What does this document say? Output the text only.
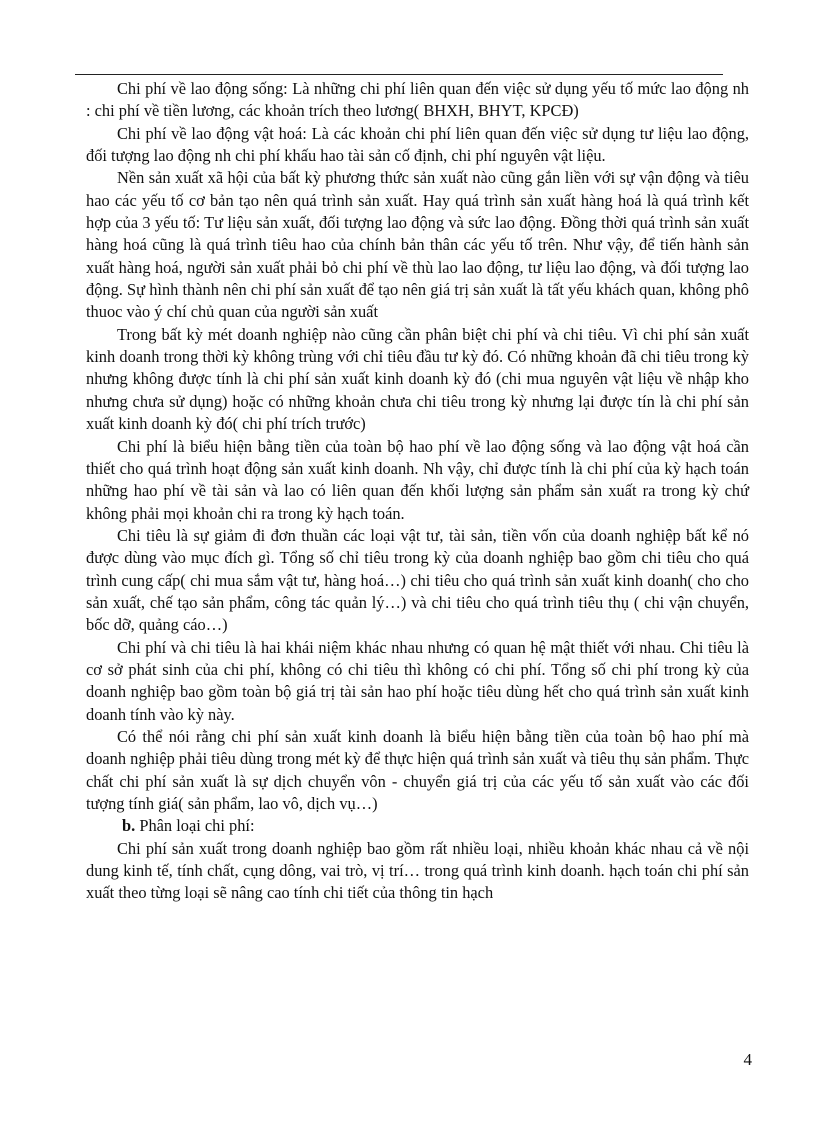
Chi phí về lao động sống: Là những chi phí liên quan đến việc sử dụng yếu tố mức lao động nh : chi phí về tiền lương, các khoản trích theo lương( BHXH, BHYT, KPCĐ)

Chi phí về lao động vật hoá: Là các khoản chi phí liên quan đến việc sử dụng tư liệu lao động, đối tượng lao động nh chi phí khấu hao tài sản cố định, chi phí nguyên vật liệu.

Nền sản xuất xã hội của bất kỳ phương thức sản xuất nào cũng gắn liền với sự vận động và tiêu hao các yếu tố cơ bản tạo nên quá trình sản xuất. Hay quá trình sản xuất hàng hoá là quá trình kết hợp của 3 yếu tố: Tư liệu sản xuất, đối tượng lao động và sức lao động. Đồng thời quá trình sản xuất hàng hoá cũng là quá trình tiêu hao của chính bản thân các yếu tố trên. Như vậy, để tiến hành sản xuất hàng hoá, người sản xuất phải bỏ chi phí về thù lao lao động, tư liệu lao động, và đối tượng lao động. Sự hình thành nên chi phí sản xuất để tạo nên giá trị sản xuất là tất yếu khách quan, không phô thuoc vào ý chí chủ quan của người sản xuất

Trong bất kỳ mét doanh nghiệp nào cũng cần phân biệt chi phí và chi tiêu. Vì chi phí sản xuất kinh doanh trong thời kỳ không trùng với chỉ tiêu đầu tư kỳ đó. Có những khoản đã chi tiêu trong kỳ nhưng không được tính là chi phí sản xuất kinh doanh kỳ đó (chi mua nguyên vật liệu về nhập kho nhưng chưa sử dụng) hoặc có những khoản chưa chi tiêu trong kỳ nhưng lại được tín là chi phí sản xuất kinh doanh kỳ đó( chi phí trích trước)

Chi phí là biểu hiện bằng tiền của toàn bộ hao phí về lao động sống và lao động vật hoá cần thiết cho quá trình hoạt động sản xuất kinh doanh. Nh vậy, chỉ được tính là chi phí của kỳ hạch toán những hao phí về tài sản và lao có liên quan đến khối lượng sản phẩm sản xuất ra trong kỳ chứ không phải mọi khoản chi ra trong kỳ hạch toán.

Chi tiêu là sự giảm đi đơn thuần các loại vật tư, tài sản, tiền vốn của doanh nghiệp bất kể nó được dùng vào mục đích gì. Tổng số chỉ tiêu trong kỳ của doanh nghiệp bao gồm chi tiêu cho quá trình cung cấp( chi mua sắm vật tư, hàng hoá…) chi tiêu cho quá trình sản xuất kinh doanh( cho cho sản xuất, chế tạo sản phẩm, công tác quản lý…) và chi tiêu cho quá trình tiêu thụ ( chi vận chuyển, bốc dỡ, quảng cáo…)

Chi phí và chi tiêu là hai khái niệm khác nhau nhưng có quan hệ mật thiết với nhau. Chi tiêu là cơ sở phát sinh của chi phí, không có chi tiêu thì không có chi phí. Tổng số chi phí trong kỳ của doanh nghiệp bao gồm toàn bộ giá trị tài sản hao phí hoặc tiêu dùng hết cho quá trình sản xuất kinh doanh tính vào kỳ này.

Có thể nói rằng chi phí sản xuất kinh doanh là biểu hiện bằng tiền của toàn bộ hao phí mà doanh nghiệp phải tiêu dùng trong mét kỳ để thực hiện quá trình sản xuất và tiêu thụ sản phẩm. Thực chất chi phí sản xuất là sự dịch chuyển vôn - chuyển giá trị của các yếu tố sản xuất vào các đối tượng tính giá( sản phẩm, lao vô, dịch vụ…)

b. Phân loại chi phí:

Chi phí sản xuất trong doanh nghiệp bao gồm rất nhiều loại, nhiều khoản khác nhau cả về nội dung kinh tế, tính chất, cụng dông, vai trò, vị trí… trong quá trình kinh doanh. hạch toán chi phí sản xuất theo từng loại sẽ nâng cao tính chi tiết của thông tin hạch

4
